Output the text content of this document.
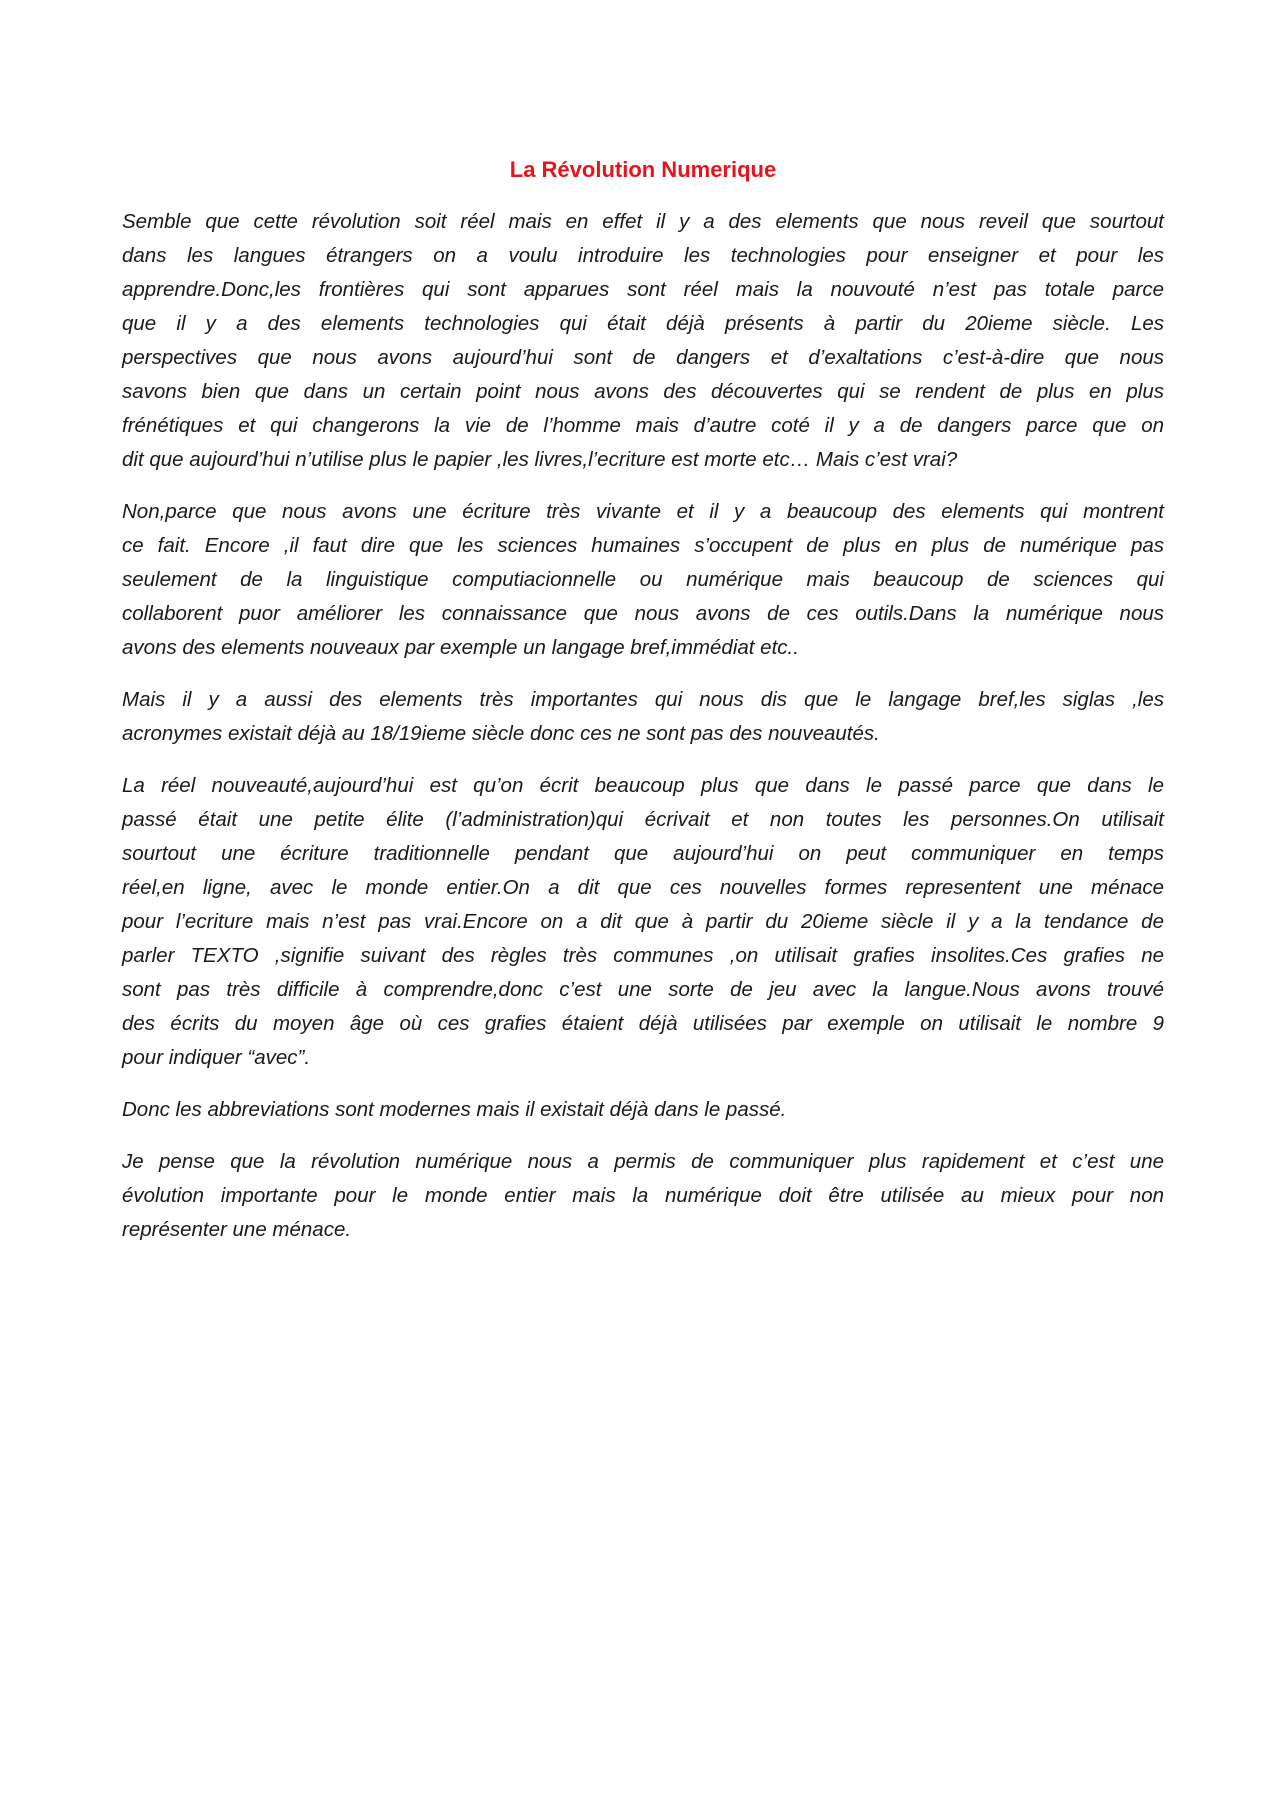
La Révolution Numerique
Semble que cette révolution soit réel mais en effet il y a des elements que nous reveil que sourtout
dans les langues étrangers on a voulu introduire les technologies pour enseigner et pour les
apprendre.Donc,les frontières qui sont apparues sont réel mais la nouvouté n’est pas totale parce
que il y a des elements technologies qui était déjà présents à partir du 20ieme siècle. Les
perspectives que nous avons aujourd’hui sont de dangers et d’exaltations c’est-à-dire que nous
savons bien que dans un certain point nous avons des découvertes qui se rendent de plus en plus
frénétiques et qui changerons la vie de l’homme mais d’autre coté il y a de dangers parce que on
dit que aujourd’hui n’utilise plus le papier ,les livres,l’ecriture est morte etc… Mais c’est vrai?
Non,parce que nous avons une écriture très vivante et il y a beaucoup des elements qui montrent
ce fait. Encore ,il faut dire que les sciences humaines s’occupent de plus en plus de numérique pas
seulement de la linguistique computiacionnelle ou numérique mais beaucoup de sciences qui
collaborent puor améliorer les connaissance que nous avons de ces outils.Dans la numérique nous
avons des elements nouveaux par exemple un langage bref,immédiat etc..
Mais il y a aussi des elements très importantes qui nous dis que le langage bref,les siglas ,les
acronymes existait déjà au 18/19ieme siècle donc ces ne sont pas des nouveautés.
La réel nouveauté,aujourd’hui est qu’on écrit beaucoup plus que dans le passé parce que dans le
passé était une petite élite (l’administration)qui écrivait et non toutes les personnes.On utilisait
sourtout une écriture traditionnelle pendant que aujourd’hui on peut communiquer en temps
réel,en ligne, avec le monde entier.On a dit que ces nouvelles formes representent une ménace
pour l’ecriture mais n’est pas vrai.Encore on a dit que à partir du 20ieme siècle il y a la tendance de
parler TEXTO ,signifie suivant des règles très communes ,on utilisait grafies insolites.Ces grafies ne
sont pas très difficile à comprendre,donc c’est une sorte de jeu avec la langue.Nous avons trouvé
des écrits du moyen âge où ces grafies étaient déjà utilisées par exemple on utilisait le nombre 9
pour indiquer “avec”.
Donc les abbreviations sont modernes mais il existait déjà dans le passé.
Je pense que la révolution numérique nous a permis de communiquer plus rapidement et c’est une
évolution importante pour le monde entier mais la numérique doit être utilisée au mieux pour non
représenter une ménace.
